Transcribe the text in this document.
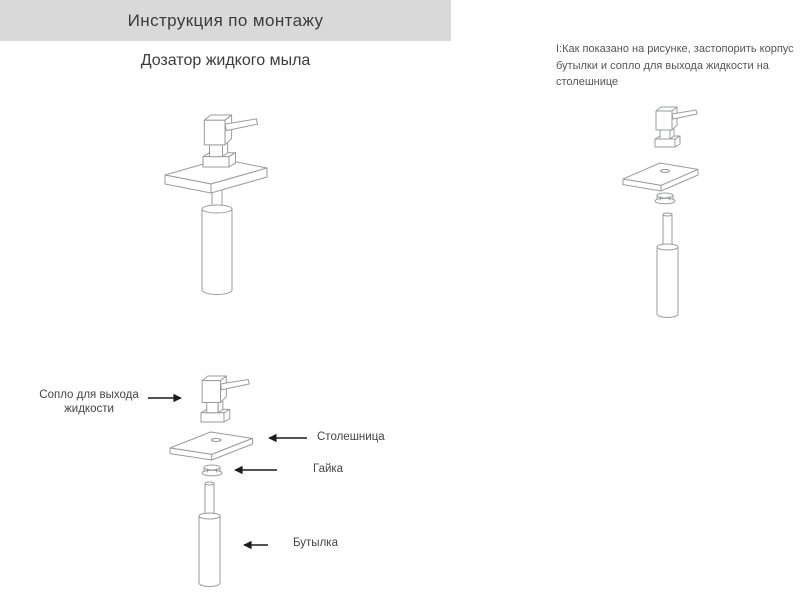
Инструкция по монтажу
Дозатор жидкого мыла
I:Как показано на рисунке, застопорить корпус
бутылки и сопло для выхода жидкости на
столешнице
Сопло для выхода
жидкости
Столешница
Гайка
Бутылка
